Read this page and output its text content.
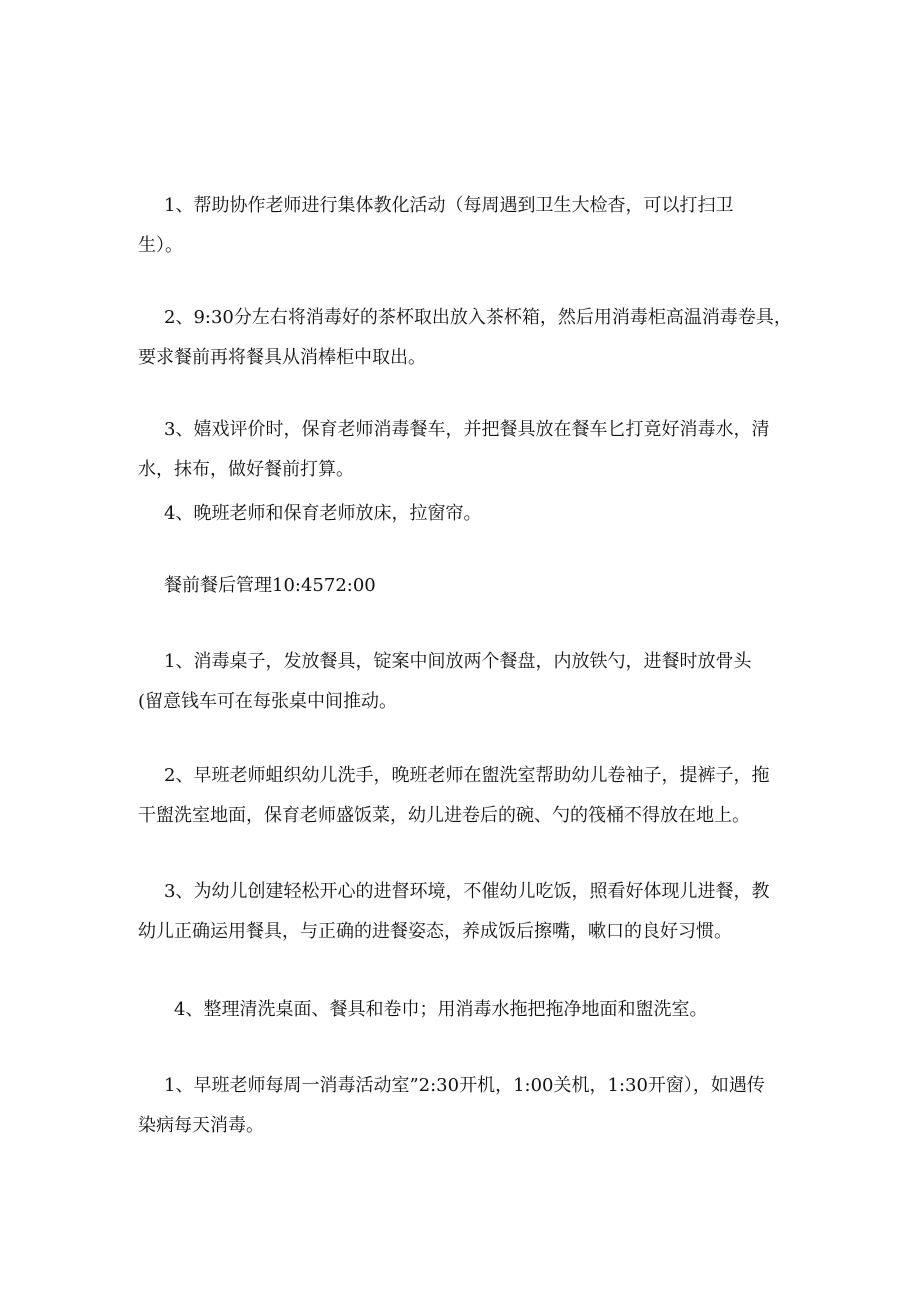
1、帮助协作老师进行集体教化活动（每周遇到卫生大检杳，可以打扫卫
生）。
2、9:30分左右将消毒好的茶杯取出放入茶杯箱，然后用消毒柜高温消毒卷具，
要求餐前再将餐具从消棒柜中取出。
3、嬉戏评价时，保育老师消毒餐车，并把餐具放在餐车匕打竟好消毒水，清
水，抹布，做好餐前打算。
4、晚班老师和保育老师放床，拉窗帘。
餐前餐后管理10:4572:00
1、消毒桌子，发放餐具，锭案中间放两个餐盘，内放铁勺，进餐时放骨头
(留意钱车可在每张桌中间推动。
2、早班老师蛆织幼儿洗手，晚班老师在盥洗室帮助幼儿卷袖子，提裤子，拖
干盥洗室地面，保育老师盛饭菜，幼儿进卷后的碗、勺的筏桶不得放在地上。
3、为幼儿创建轻松开心的进督环境，不催幼儿吃饭，照看好体现儿进餐，教
幼儿正确运用餐具，与正确的进餐姿态，养成饭后擦嘴，嗽口的良好习惯。
4、整理清洗桌面、餐具和卷巾；用消毒水拖把拖净地面和盥洗室。
1、早班老师每周一消毒活动室”2:30开机，1:00关机，1:30开窗），如遇传
染病每天消毒。
